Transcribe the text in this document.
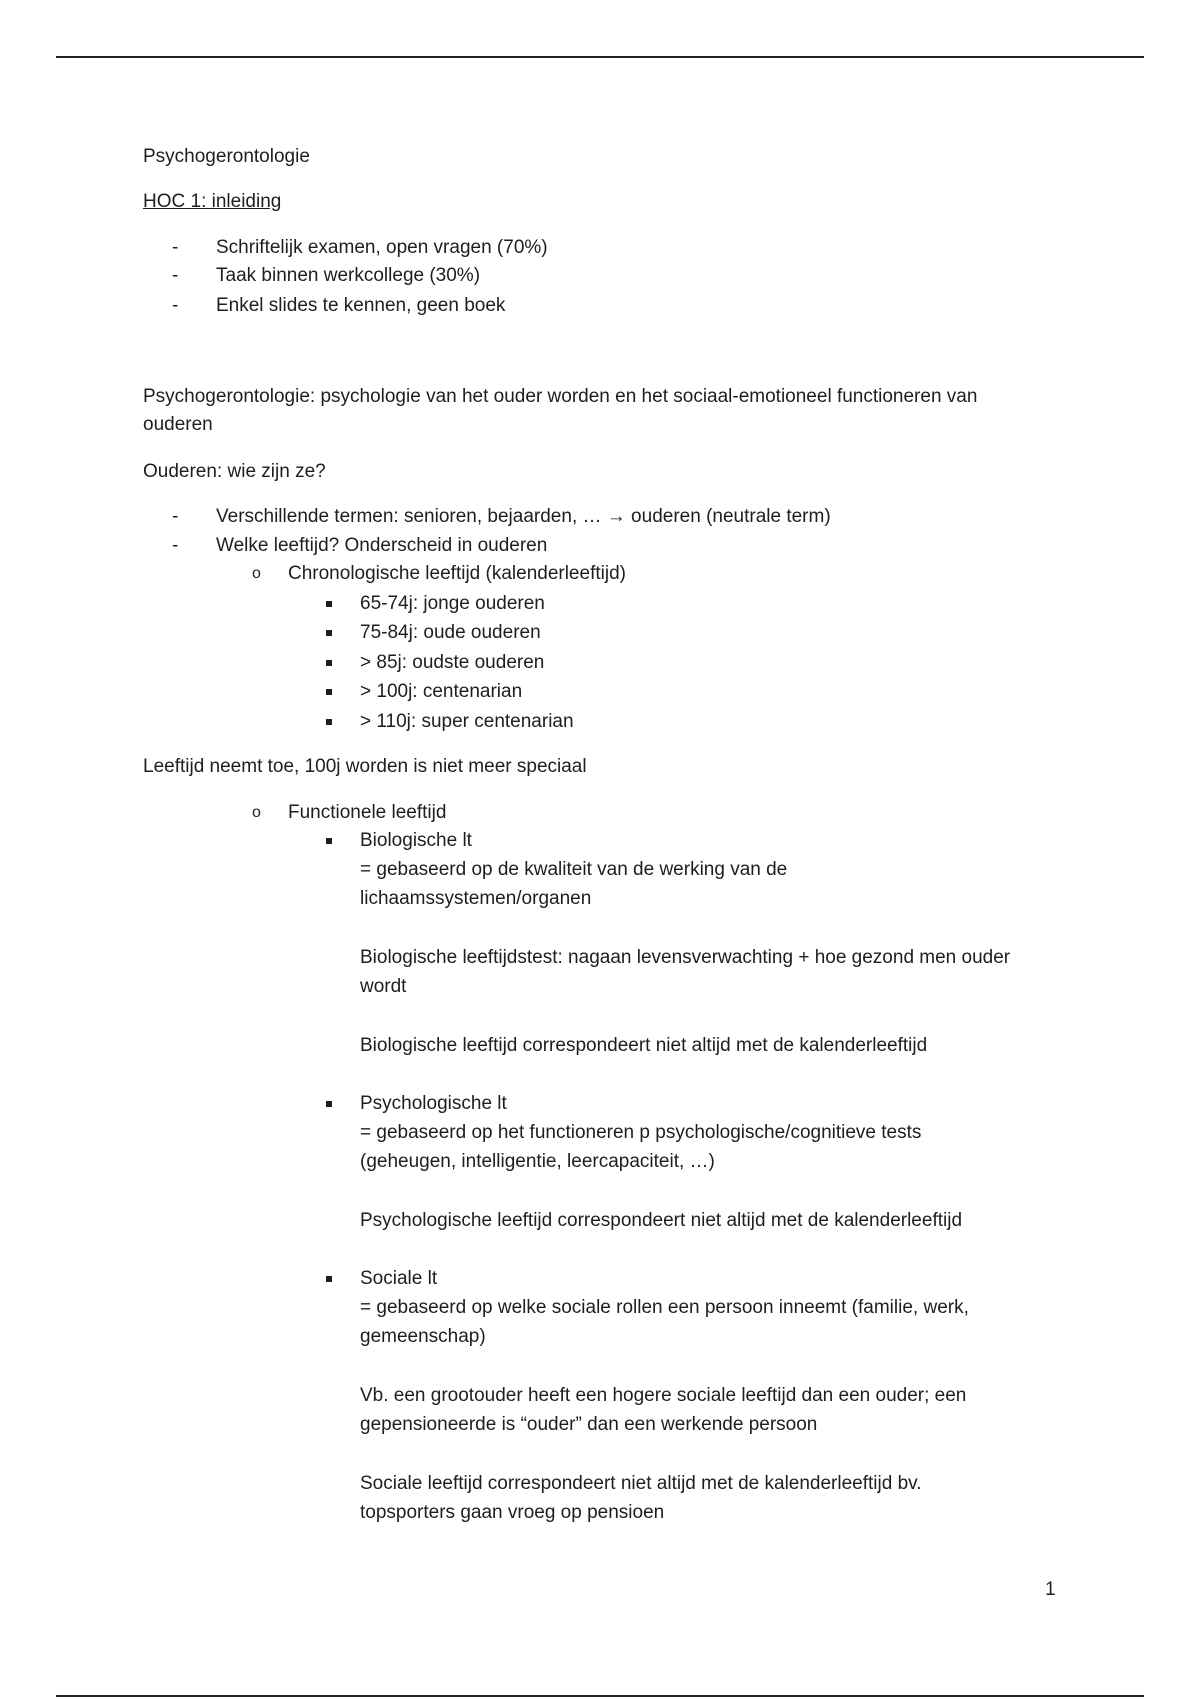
Psychogerontologie
HOC 1: inleiding
- Schriftelijk examen, open vragen (70%)
- Taak binnen werkcollege (30%)
- Enkel slides te kennen, geen boek
Psychogerontologie: psychologie van het ouder worden en het sociaal-emotioneel functioneren van
ouderen
Ouderen: wie zijn ze?
- Verschillende termen: senioren, bejaarden, … → ouderen (neutrale term)
- Welke leeftijd? Onderscheid in ouderen
o Chronologische leeftijd (kalenderleeftijd)
65-74j: jonge ouderen
75-84j: oude ouderen
> 85j: oudste ouderen
> 100j: centenarian
> 110j: super centenarian
Leeftijd neemt toe, 100j worden is niet meer speciaal
o Functionele leeftijd
Biologische lt
= gebaseerd op de kwaliteit van de werking van de
lichaamssystemen/organen
Biologische leeftijdstest: nagaan levensverwachting + hoe gezond men ouder
wordt
Biologische leeftijd correspondeert niet altijd met de kalenderleeftijd
Psychologische lt
= gebaseerd op het functioneren p psychologische/cognitieve tests
(geheugen, intelligentie, leercapaciteit, …)
Psychologische leeftijd correspondeert niet altijd met de kalenderleeftijd
Sociale lt
= gebaseerd op welke sociale rollen een persoon inneemt (familie, werk,
gemeenschap)
Vb. een grootouder heeft een hogere sociale leeftijd dan een ouder; een
gepensioneerde is “ouder” dan een werkende persoon
Sociale leeftijd correspondeert niet altijd met de kalenderleeftijd bv.
topsporters gaan vroeg op pensioen
1
